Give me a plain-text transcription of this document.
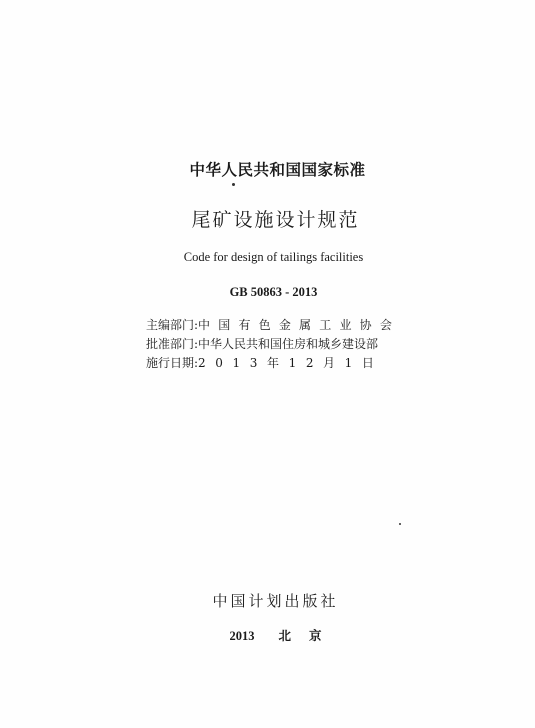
中华人民共和国国家标准
尾矿设施设计规范
Code for design of tailings facilities
GB 50863 - 2013
主编部门:中国有色金属工业协会
批准部门:中华人民共和国住房和城乡建设部
施行日期:2013年12月1日
中国计划出版社
2013 北 京
